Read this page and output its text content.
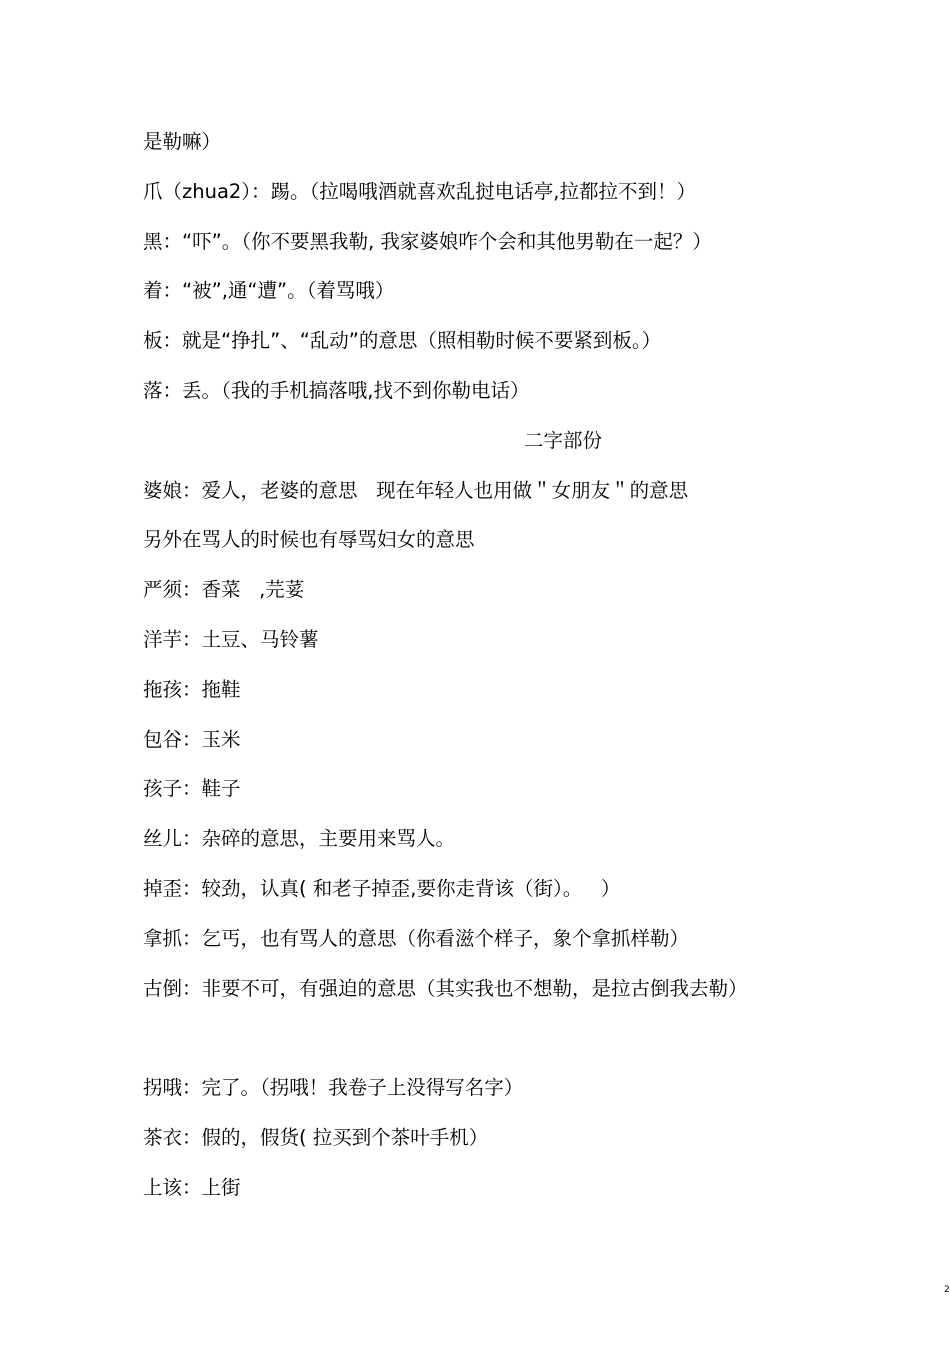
是勒嘛）
爪（zhua2）：踢。（拉喝哦酒就喜欢乱挝电话亭,拉都拉不到！）
黑：“吓”。（你不要黑我勒, 我家婆娘咋个会和其他男勒在一起？）
着：“被”,通“遭”。（着骂哦）
板：就是“挣扎”、“乱动”的意思（照相勒时候不要紧到板。）
落：丢。（我的手机搞落哦,找不到你勒电话）
二字部份
婆娘：爱人，老婆的意思   现在年轻人也用做＂女朋友＂的意思
另外在骂人的时候也有辱骂妇女的意思
严须：香菜   ,芫荽
洋芋：土豆、马铃薯
拖孩：拖鞋
包谷：玉米
孩子：鞋子
丝儿：杂碎的意思，主要用来骂人。
掉歪：较劲，认真( 和老子掉歪,要你走背该（街）。   ）
拿抓：乞丐，也有骂人的意思（你看滋个样子，象个拿抓样勒）
古倒：非要不可，有强迫的意思（其实我也不想勒，是拉古倒我去勒）
拐哦：完了。（拐哦！我卷子上没得写名字）
茶衣：假的，假货( 拉买到个茶叶手机）
上该：上街
2
